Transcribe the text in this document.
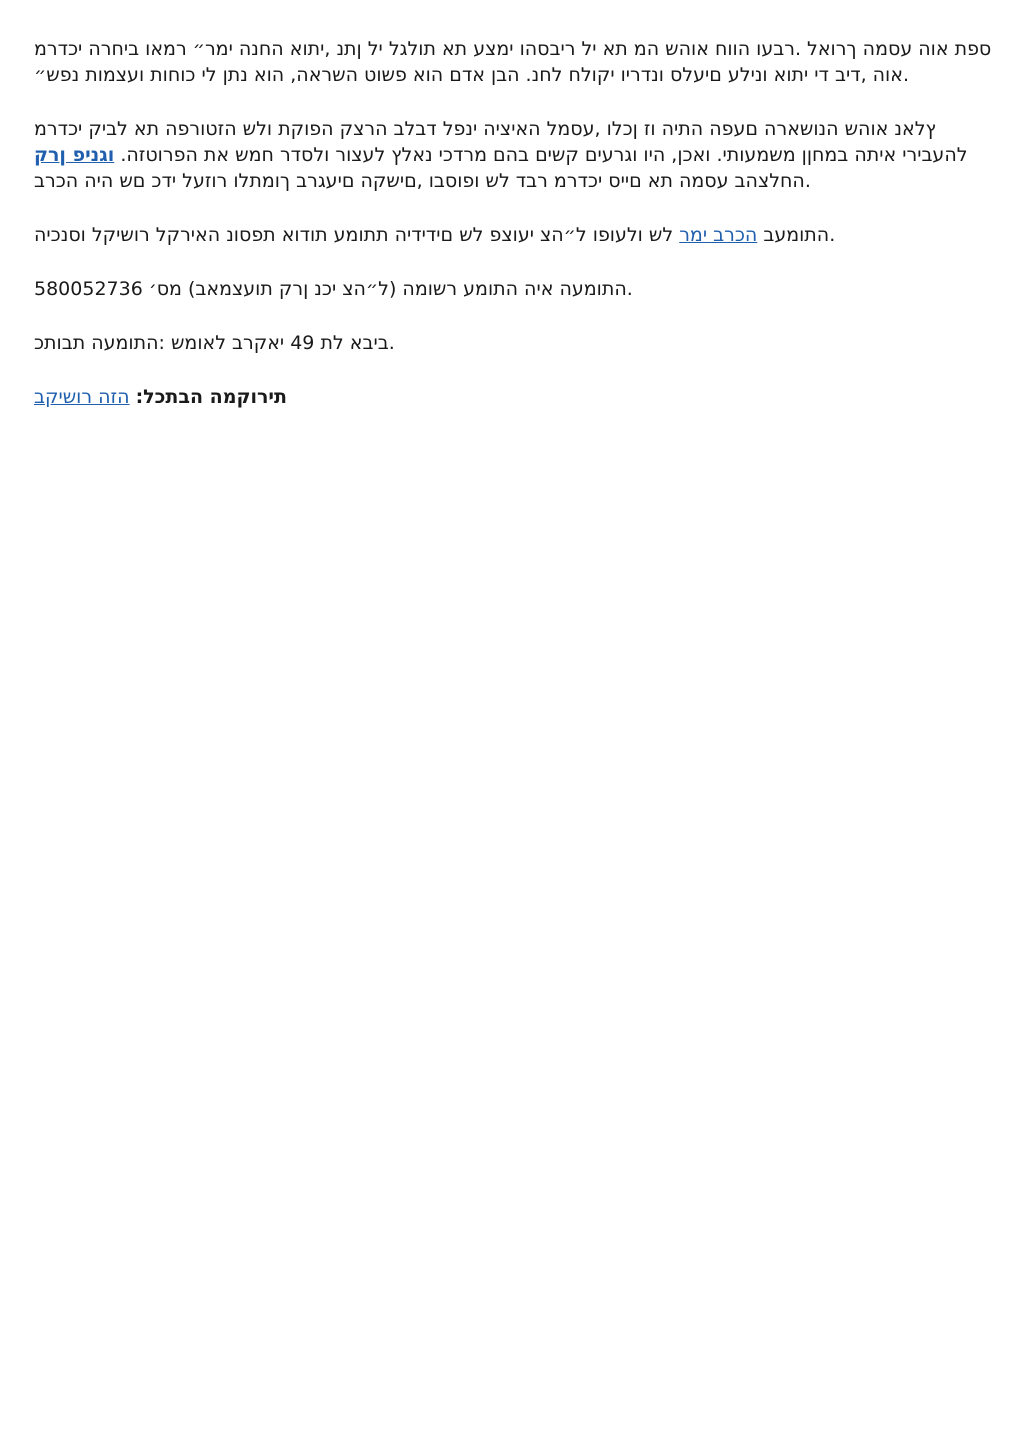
ספת אוה עסמה ךרואל .רבעו הווח אוהש המ תא יל ריבסהו ימצע תא תולגל יל ןתנ ,יתוא החנה ימר״ רמאו ביחרה יכדרמ
אוה ,דיב די יתוא ונילע םיעלס ונדריו יקולח לחנ. הבן אדם הוא פשוט השראה, הוא נתן לי כוחות ועצמות נפש״.

ץלאנ אוהש הנושארה םעפה התיה וז ןכלו ,עסמל האיציה ינפל דבלב הרצק הפוקת ולש הזטורפה תא לביק יכדרמ
להעבירי איתה במחןן משמעותי. ואכן, היו וגרעים קשים בהם מרדכי נאלץ לעצור ולסדר חמש את הפרוטזה. וגניפ ןרק
החלצהב עסמה תא םייס יכדרמ רבד לש ופוסבו ,םישקה םיעגרב ךומתלו רוזעל ידכ םש היה הכרב.

התומעב הכרב ימר לש ולעופו ל״הצ יעוצפ לש םידידיה תתומע תודוא תפסונ האירקל רושיקל וסנכיה.

התומעה איה התומע רשומה (ל״הצ יכנ ןרק תועצמאב) מס׳ 580052736.

ביבא לת 49 יאקרב לאומש :התומעה תבותכ.

תירוקמה הבתכל: הזה רושיקב
